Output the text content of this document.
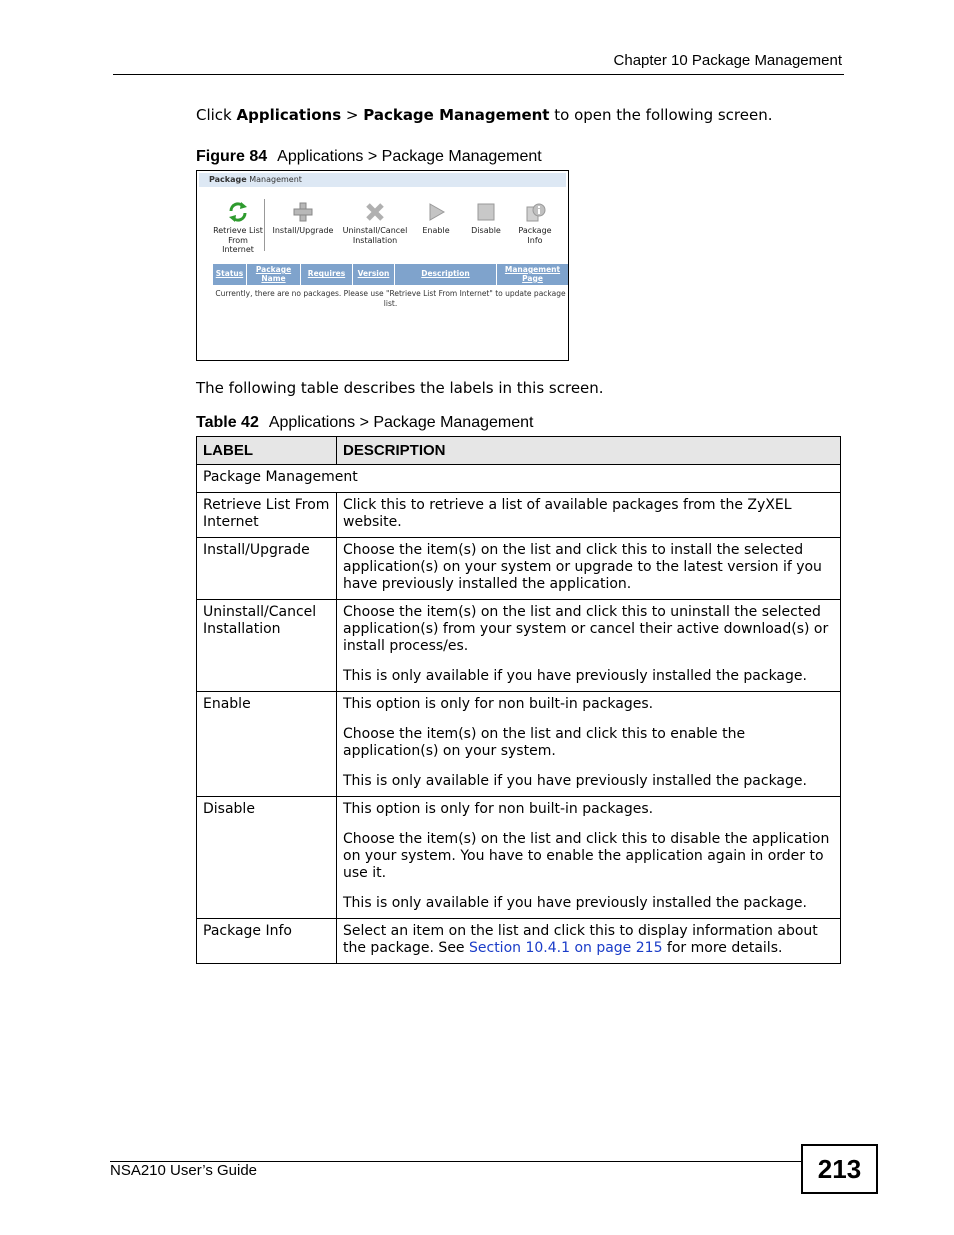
Chapter 10 Package Management
Click Applications > Package Management to open the following screen.
Figure 84 Applications > Package Management
Package Management
Retrieve List From Internet
Install/Upgrade	Uninstall/Cancel Installation
Enable	Disable	Package Info
Status	Package Name	Requires	Version	Description	Management Page
Currently, there are no packages. Please use "Retrieve List From Internet" to update package list.
The following table describes the labels in this screen.
Table 42 Applications > Package Management
LABEL	DESCRIPTION
Package Management	
Retrieve List From Internet	Click this to retrieve a list of available packages from the ZyXEL website.

Install/Upgrade	Choose the item(s) on the list and click this to install the selected application(s) on your system or upgrade to the latest version if you have previously installed the application.

Uninstall/Cancel Installation	Choose the item(s) on the list and click this to uninstall the selected application(s) from your system or cancel their active download(s) or install process/es.

This is only available if you have previously installed the package.

Enable	This option is only for non built-in packages.

Choose the item(s) on the list and click this to enable the application(s) on your system.

This is only available if you have previously installed the package.

Disable	This option is only for non built-in packages.

Choose the item(s) on the list and click this to disable the application on your system. You have to enable the application again in order to use it.

This is only available if you have previously installed the package.

Package Info	Select an item on the list and click this to display information about the package. See Section 10.4.1 on page 215 for more details.
NSA210 User’s Guide	213
